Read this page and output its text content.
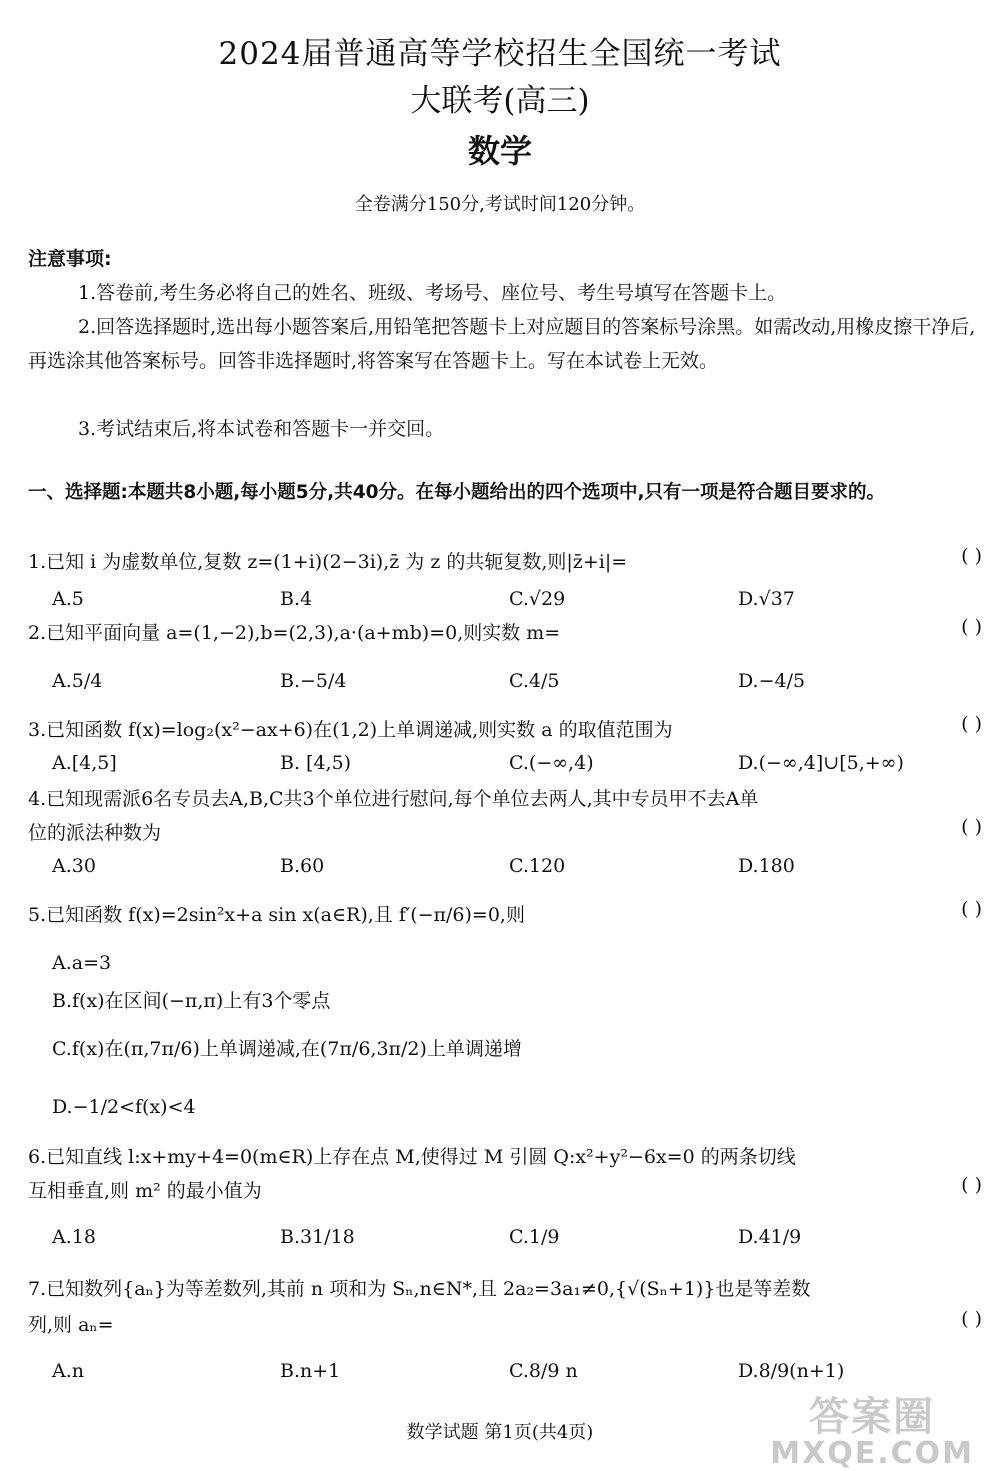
2024届普通高等学校招生全国统一考试
大联考(高三)
数学
全卷满分150分,考试时间120分钟。
注意事项:
1.答卷前,考生务必将自己的姓名、班级、考场号、座位号、考生号填写在答题卡上。
2.回答选择题时,选出每小题答案后,用铅笔把答题卡上对应题目的答案标号涂黑。如需改动,用橡皮擦干净后,再选涂其他答案标号。回答非选择题时,将答案写在答题卡上。写在本试卷上无效。
3.考试结束后,将本试卷和答题卡一并交回。
一、选择题:本题共8小题,每小题5分,共40分。在每小题给出的四个选项中,只有一项是符合题目要求的。
1.已知 i 为虚数单位,复数 z=(1+i)(2−3i),z̄ 为 z 的共轭复数,则|z̄+i|=	( )
A.5	B.4	C.√29	D.√37
2.已知平面向量 a=(1,−2),b=(2,3),a·(a+mb)=0,则实数 m=	( )
A.5/4	B.−5/4	C.4/5	D.−4/5
3.已知函数 f(x)=log₂(x²−ax+6)在(1,2)上单调递减,则实数 a 的取值范围为	( )
A.[4,5]	B. [4,5)	C.(−∞,4)	D.(−∞,4]∪[5,+∞)
4.已知现需派6名专员去A,B,C共3个单位进行慰问,每个单位去两人,其中专员甲不去A单
位的派法种数为	( )
A.30	B.60	C.120	D.180
5.已知函数 f(x)=2sin²x+a sin x(a∈R),且 f′(−π/6)=0,则	( )
A.a=3
B.f(x)在区间(−π,π)上有3个零点
C.f(x)在(π,7π/6)上单调递减,在(7π/6,3π/2)上单调递增
D.−1/2<f(x)<4
6.已知直线 l:x+my+4=0(m∈R)上存在点 M,使得过 M 引圆 Q:x²+y²−6x=0 的两条切线
互相垂直,则 m² 的最小值为	( )
A.18	B.31/18	C.1/9	D.41/9
7.已知数列{aₙ}为等差数列,其前 n 项和为 Sₙ,n∈N*,且 2a₂=3a₁≠0,{√(Sₙ+1)}也是等差数
列,则 aₙ=	( )
A.n	B.n+1	C.8/9 n	D.8/9(n+1)
数学试题 第1页(共4页)	答案圈
MXQE.COM
